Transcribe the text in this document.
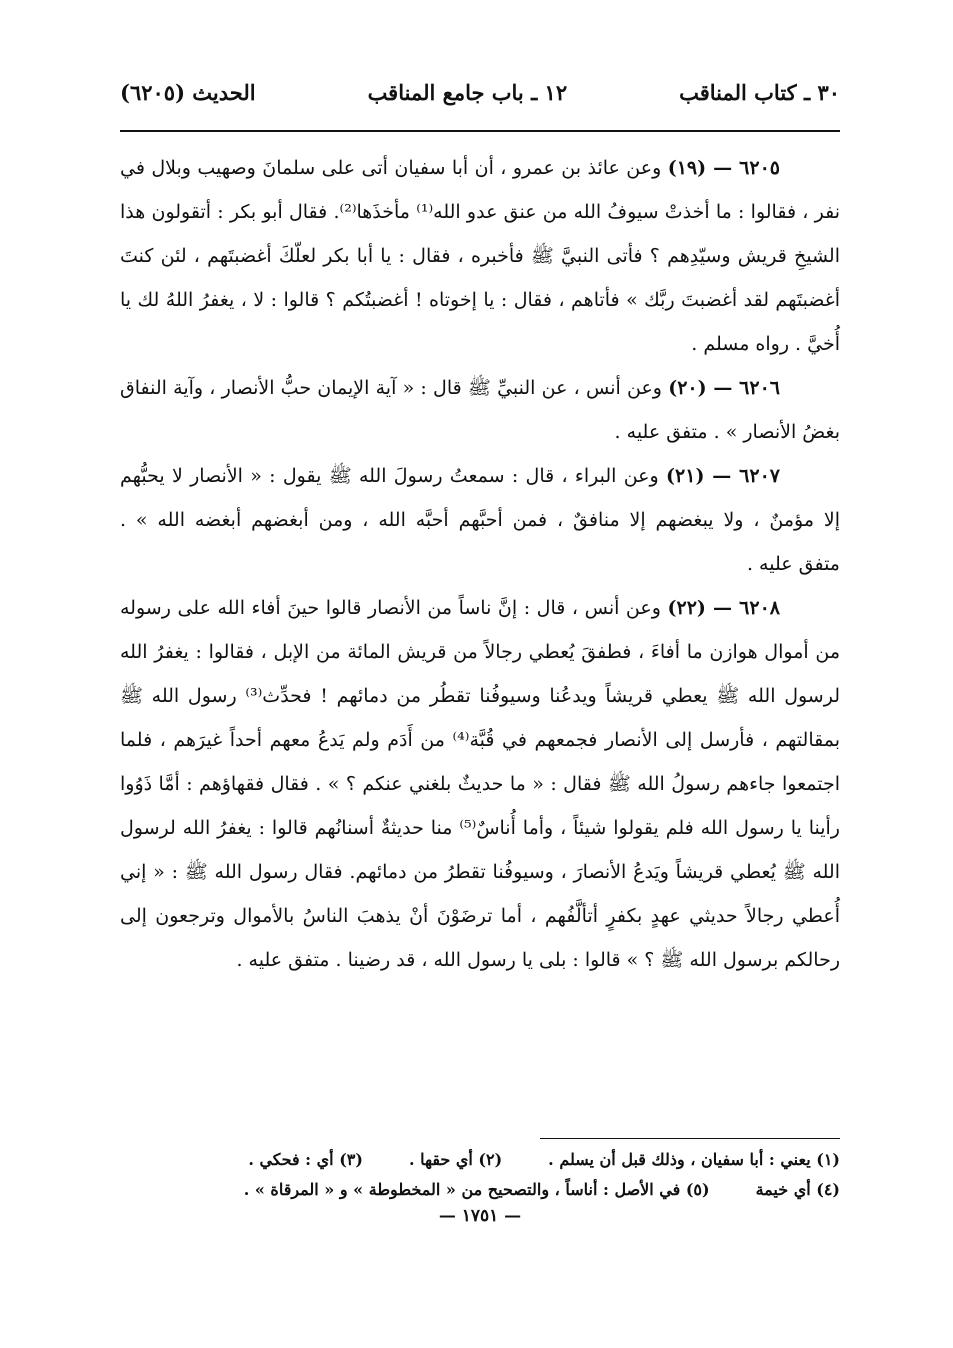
٣٠ ـ كتاب المناقب
١٢ ـ باب جامع المناقب
الحديث (٦٢٠٥)

٦٢٠٥ — (١٩) وعن عائذ بن عمرو ، أن أبا سفيان أتى على سلمانَ وصهيب وبلال في نفر ، فقالوا : ما أخذتْ سيوفُ الله من عنق عدو الله⁽¹⁾ مأخذَها⁽²⁾. فقال أبو بكر : أتقولون هذا الشيخِ قريش وسيّدِهم ؟ فأتى النبيَّ ﷺ فأخبره ، فقال : يا أبا بكر لعلّكَ أغضبتَهم ، لئن كنتَ أغضبتَهم لقد أغضبتَ ربَّك » فأتاهم ، فقال : يا إخوتاه ! أغضبتُكم ؟ قالوا : لا ، يغفرُ اللهُ لك يا أُخيَّ . رواه مسلم .

٦٢٠٦ — (٢٠) وعن أنس ، عن النبيِّ ﷺ قال : « آية الإيمان حبُّ الأنصار ، وآية النفاق بغضُ الأنصار » . متفق عليه .

٦٢٠٧ — (٢١) وعن البراء ، قال : سمعتُ رسولَ الله ﷺ يقول : « الأنصار لا يحبُّهم إلا مؤمنٌ ، ولا يبغضهم إلا منافقٌ ، فمن أحبَّهم أحبَّه الله ، ومن أبغضهم أبغضه الله » . متفق عليه .

٦٢٠٨ — (٢٢) وعن أنس ، قال : إنَّ ناساً من الأنصار قالوا حينَ أفاء الله على رسوله من أموال هوازن ما أفاءَ ، فطفقَ يُعطي رجالاً من قريش المائة من الإبل ، فقالوا : يغفرُ الله لرسول الله ﷺ يعطي قريشاً ويدعُنا وسيوفُنا تقطُر من دمائهم ! فحدِّث⁽³⁾ رسول الله ﷺ بمقالتهم ، فأرسل إلى الأنصار فجمعهم في قُبَّة⁽⁴⁾ من أَدَم ولم يَدعُ معهم أحداً غيرَهم ، فلما اجتمعوا جاءهم رسولُ الله ﷺ فقال : « ما حديثٌ بلغني عنكم ؟ » . فقال فقهاؤهم : أمَّا ذَوُوا رأينا يا رسول الله فلم يقولوا شيئاً ، وأما أُناسٌ⁽⁵⁾ منا حديثةٌ أسنانُهم قالوا : يغفرُ الله لرسول الله ﷺ يُعطي قريشاً ويَدعُ الأنصارَ ، وسيوفُنا تقطرُ من دمائهم. فقال رسول الله ﷺ : « إني أُعطي رجالاً حديثي عهدٍ بكفرٍ أتألَّفُهم ، أما ترضَوْنَ أنْ يذهبَ الناسُ بالأموال وترجعون إلى رحالكم برسول الله ﷺ ؟ » قالوا : بلى يا رسول الله ، قد رضينا . متفق عليه .

(١) يعني : أبا سفيان ، وذلك قبل أن يسلم .
(٢) أي حقها .
(٣) أي : فحكي .
(٤) أي خيمة
(٥) في الأصل : أناساً ، والتصحيح من « المخطوطة » و « المرقاة » .
— ١٧٥١ —
